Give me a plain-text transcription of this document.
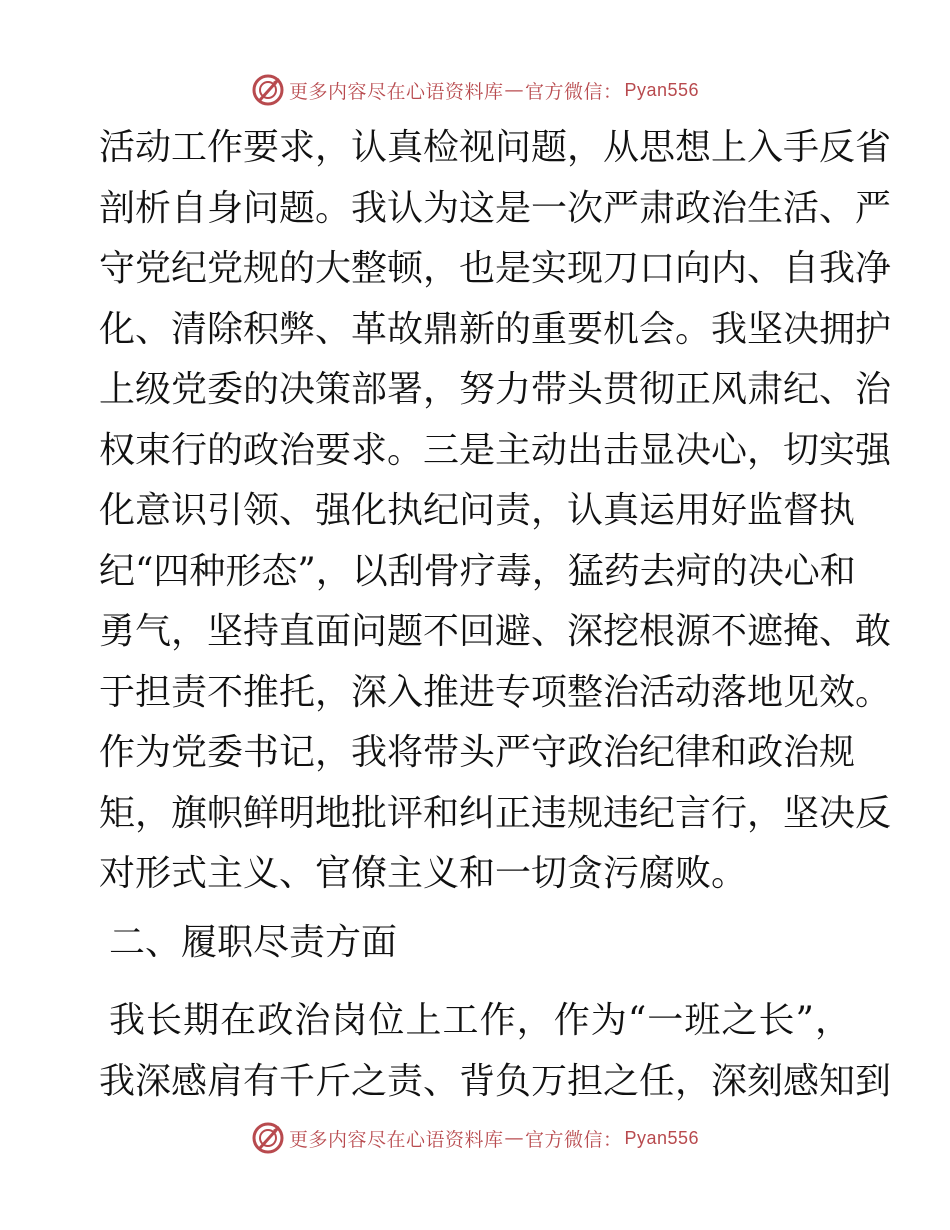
更多内容尽在心语资料库 — 官方微信： Pyan556
活动工作要求，认真检视问题，从思想上入手反省
剖析自身问题。我认为这是一次严肃政治生活、严
守党纪党规的大整顿，也是实现刀口向内、自我净
化、清除积弊、革故鼎新的重要机会。我坚决拥护
上级党委的决策部署，努力带头贯彻正风肃纪、治
权束行的政治要求。三是主动出击显决心，切实强
化意识引领、强化执纪问责，认真运用好监督执
纪“四种形态”，以刮骨疗毒，猛药去疴的决心和
勇气，坚持直面问题不回避、深挖根源不遮掩、敢
于担责不推托，深入推进专项整治活动落地见效。
作为党委书记，我将带头严守政治纪律和政治规
矩，旗帜鲜明地批评和纠正违规违纪言行，坚决反
对形式主义、官僚主义和一切贪污腐败。
二、履职尽责方面
我长期在政治岗位上工作，作为“一班之长”，
我深感肩有千斤之责、背负万担之任，深刻感知到
更多内容尽在心语资料库 — 官方微信： Pyan556
